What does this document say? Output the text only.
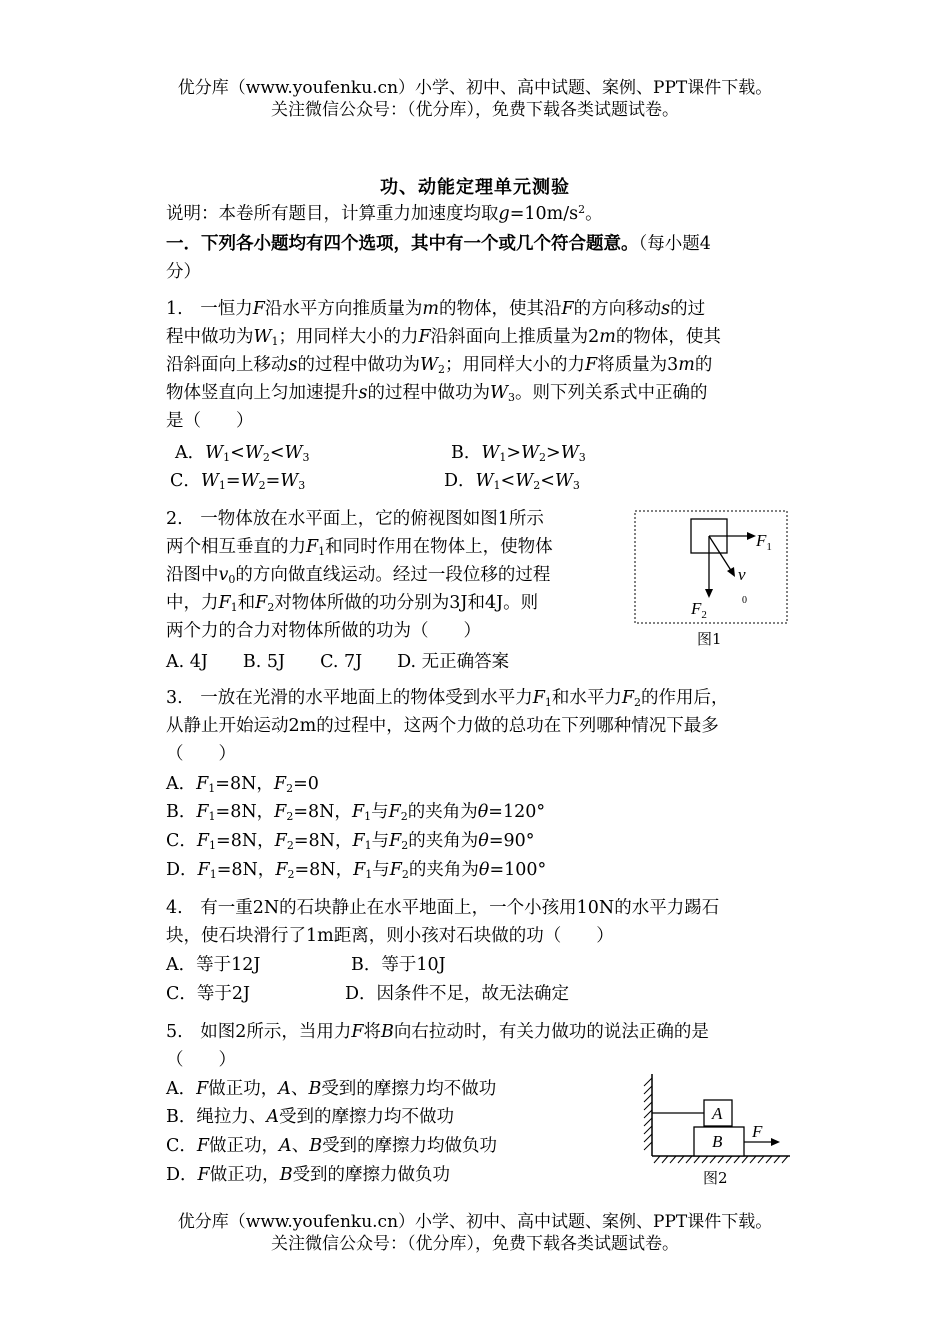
优分库（www.youfenku.cn）小学、初中、高中试题、案例、PPT课件下载。
关注微信公众号：（优分库），免费下载各类试题试卷。
功、动能定理单元测验
说明：本卷所有题目，计算重力加速度均取$g=10m/s^2$。
一．下列各小题均有四个选项，其中有一个或几个符合题意。（每小题4
分）
1.　一恒力F沿水平方向推质量为m的物体，使其沿F的方向移动s的过
程中做功为$W_1$；用同样大小的力F沿斜面向上推质量为2m的物体，使其
沿斜面向上移动s的过程中做功为$W_2$；用同样大小的力F将质量为3m的
物体竖直向上匀加速提升s的过程中做功为$W_3$。则下列关系式中正确的
是（　　）
A．$W_1<W_2<W_3$	B．$W_1>W_2>W_3$
C．$W_1=W_2=W_3$	D．$W_1<W_2<W_3$
2.　一物体放在水平面上，它的俯视图如图1所示
两个相互垂直的力$F_1$和同时作用在物体上，使物体
沿图中$v_0$的方向做直线运动。经过一段位移的过程
中，力$F_1$和$F_2$对物体所做的功分别为3J和4J。则
两个力的合力对物体所做的功为（　　）
A. 4J　　 B. 5J　　 C. 7J　　 D. 无正确答案
$F_1$
v
0
$F_2$
图1
3.　一放在光滑的水平地面上的物体受到水平力$F_1$和水平力$F_2$的作用后，
从静止开始运动2m的过程中，这两个力做的总功在下列哪种情况下最多
（　　）
A．$F_1=8N$，$F_2=0$
B．$F_1=8N$，$F_2=8N$，$F_1$与$F_2$的夹角为θ=120°
C．$F_1=8N$，$F_2=8N$，$F_1$与$F_2$的夹角为θ=90°
D．$F_1=8N$，$F_2=8N$，$F_1$与$F_2$的夹角为θ=100°
4.　有一重2N的石块静止在水平地面上，一个小孩用10N的水平力踢石
块，使石块滑行了1m距离，则小孩对石块做的功（　　）
A．等于12J	B．等于10J
C．等于2J	D．因条件不足，故无法确定
5.　如图2所示，当用力F将B向右拉动时，有关力做功的说法正确的是
（　　）
A．F做正功，A、B受到的摩擦力均不做功
B．绳拉力、A受到的摩擦力均不做功
C．F做正功，A、B受到的摩擦力均做负功
D．F做正功，B受到的摩擦力做负功
A
B
F
图2
优分库（www.youfenku.cn）小学、初中、高中试题、案例、PPT课件下载。
关注微信公众号：（优分库），免费下载各类试题试卷。
